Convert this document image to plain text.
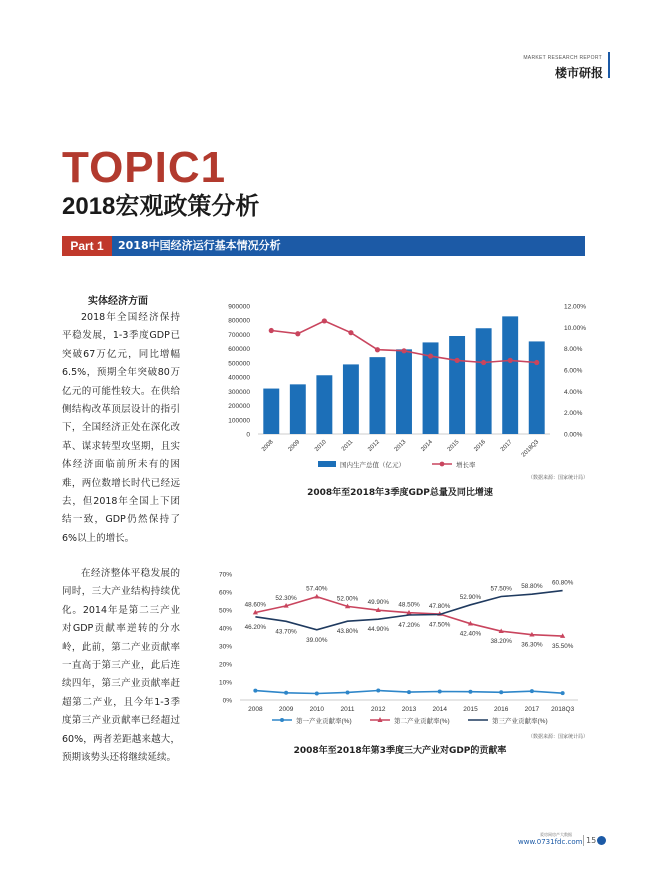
MARKET RESEARCH REPORT
楼市研报
TOPIC1
2018宏观政策分析
Part 1	2018中国经济运行基本情况分析
实体经济方面
2018年全国经济保持平稳发展，1-3季度GDP已突破67万亿元，同比增幅6.5%，预期全年突破80万亿元的可能性较大。在供给侧结构改革顶层设计的指引下，全国经济正处在深化改革、谋求转型攻坚期，且实体经济面临前所未有的困难，两位数增长时代已经远去，但2018年全国上下团结一致，GDP仍然保持了6%以上的增长。
在经济整体平稳发展的同时，三大产业结构持续优化。2014年是第二三产业对GDP贡献率逆转的分水岭，此前，第二产业贡献率一直高于第三产业，此后连续四年，第三产业贡献率赶超第二产业，且今年1-3季度第三产业贡献率已经超过60%，两者差距越来越大，预期该势头还将继续延续。
0
100000
200000
300000
400000
500000
600000
700000
800000
900000
0.00%
2.00%
4.00%
6.00%
8.00%
10.00%
12.00%
2008 2009 2010 2011 2012 2013 2014 2015 2016 2017 2018Q3
国内生产总值（亿元）	增长率
2008年至2018年3季度GDP总量及同比增速
（数据来源：国家统计局）
0%
10%
20%
30%
40%
50%
60%
70%
2008	2009	2010	2011	2012	2013	2014	2015	2016	2017 2018Q3
48.60%
52.30%
57.40%
52.00%
49.90% 48.50% 47.80%
42.40%
38.20% 36.30% 35.50%
46.20%
43.70%
39.00%
43.80% 44.90%
47.20% 47.50%
52.90%
57.50% 58.80%
60.80%
第一产业贡献率(%)	第二产业贡献率(%)	第三产业贡献率(%)
2008年至2018年第3季度三大产业对GDP的贡献率
（数据来源：国家统计局）
爱房网房产大数据
www.0731fdc.com 15
